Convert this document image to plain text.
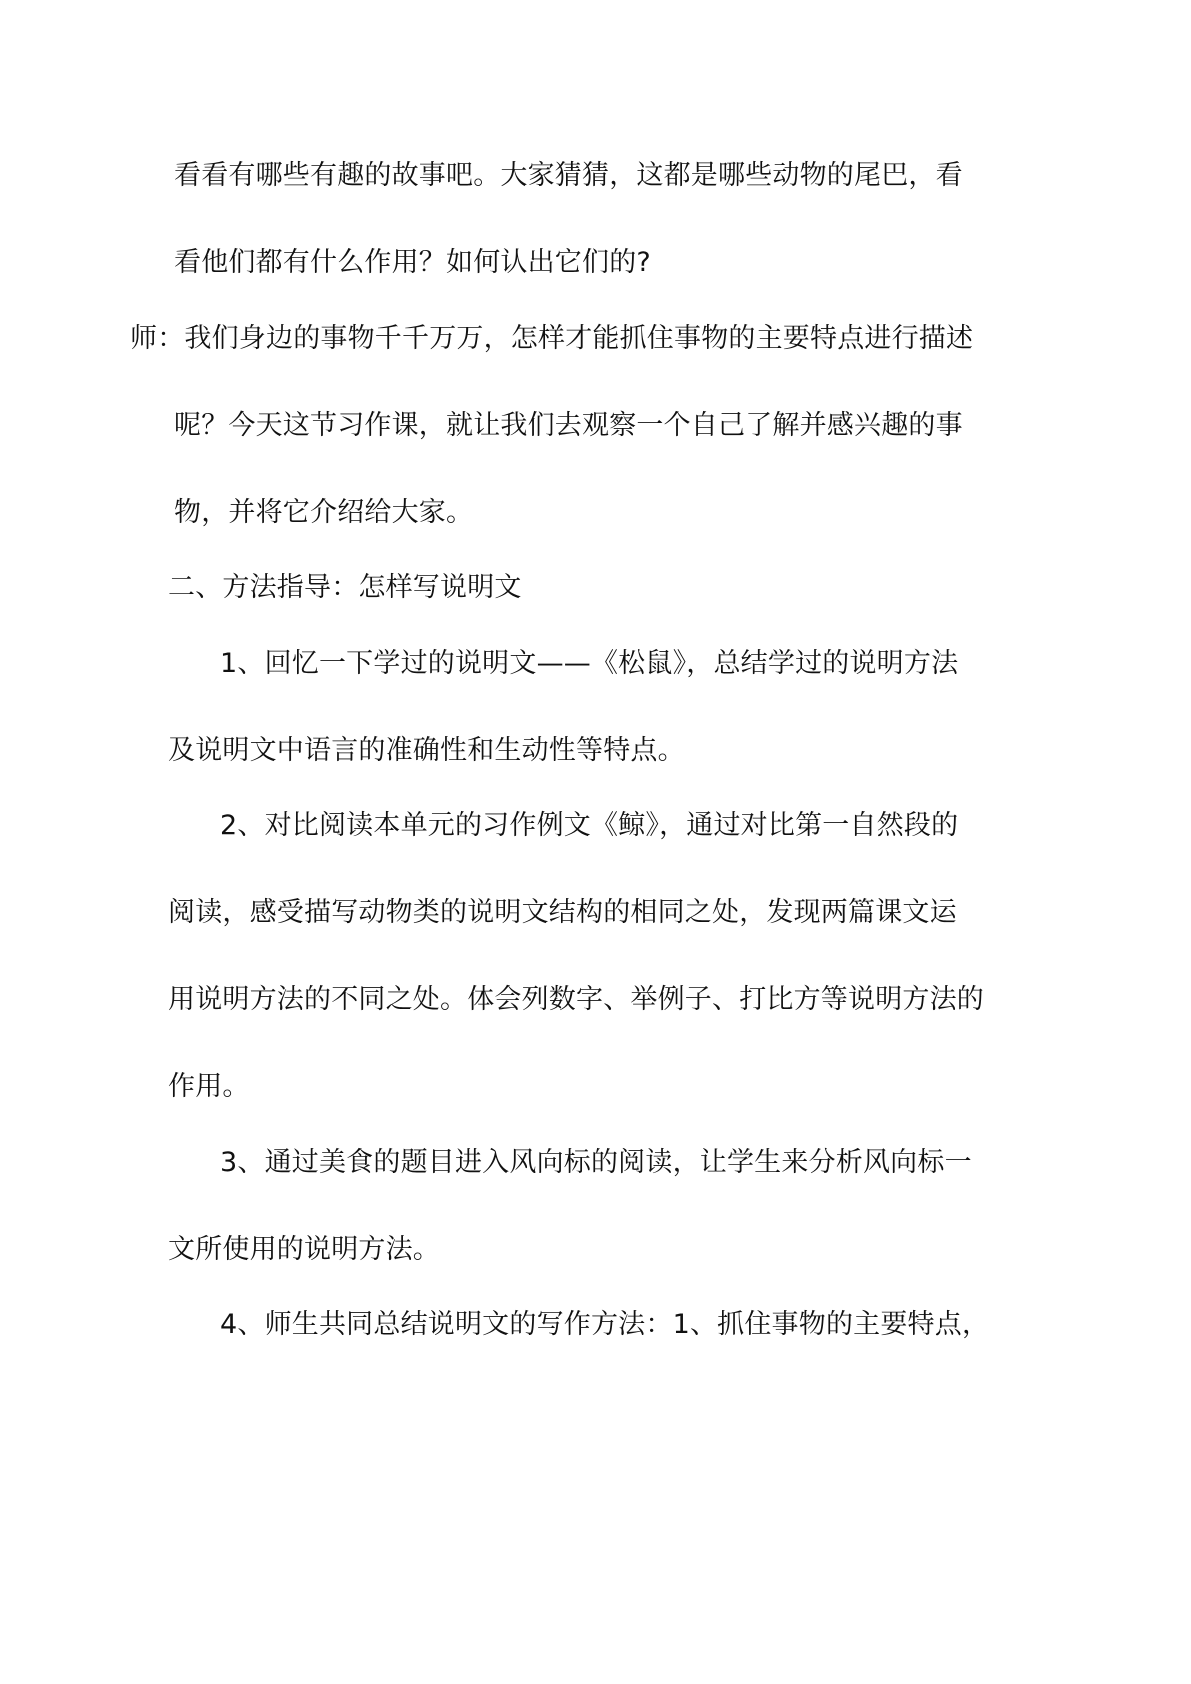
看看有哪些有趣的故事吧。大家猜猜，这都是哪些动物的尾巴，看
看他们都有什么作用？如何认出它们的?
师：我们身边的事物千千万万，怎样才能抓住事物的主要特点进行描述
呢？今天这节习作课，就让我们去观察一个自己了解并感兴趣的事
物，并将它介绍给大家。
二、方法指导：怎样写说明文
1、回忆一下学过的说明文——《松鼠》，总结学过的说明方法
及说明文中语言的准确性和生动性等特点。
2、对比阅读本单元的习作例文《鲸》，通过对比第一自然段的
阅读，感受描写动物类的说明文结构的相同之处，发现两篇课文运
用说明方法的不同之处。体会列数字、举例子、打比方等说明方法的
作用。
3、通过美食的题目进入风向标的阅读，让学生来分析风向标一
文所使用的说明方法。
4、师生共同总结说明文的写作方法：1、抓住事物的主要特点，
